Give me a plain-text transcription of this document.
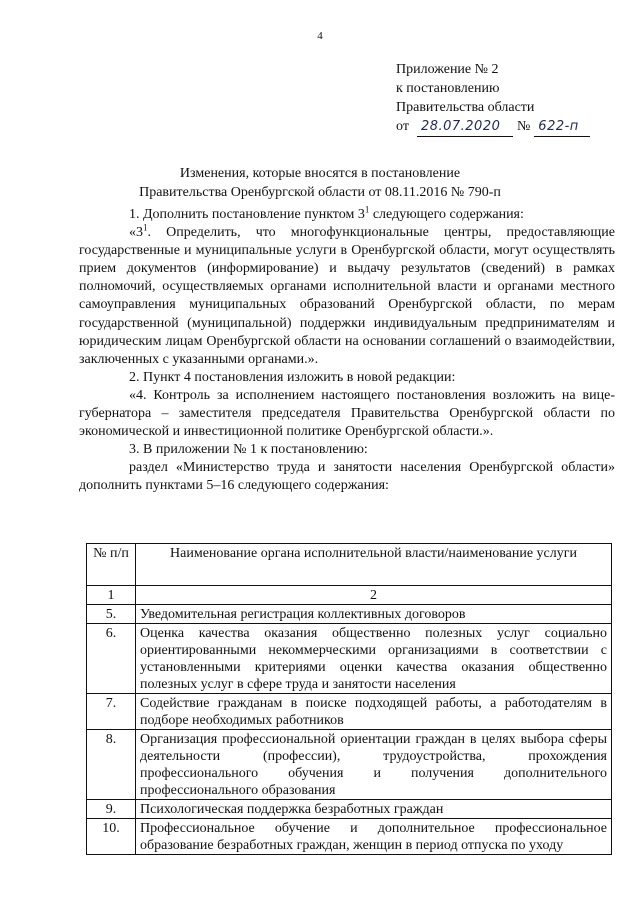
4
Приложение № 2
к постановлению
Правительства области
от 28.07.2020	№ 622-п
Изменения, которые вносятся в постановление
Правительства Оренбургской области от 08.11.2016 № 790-п

1. Дополнить постановление пунктом $3^1$ следующего содержания:

«$3^1$. Определить, что многофункциональные центры, предоставляющие государственные и муниципальные услуги в Оренбургской области, могут осуществлять прием документов (информирование) и выдачу результатов (сведений) в рамках полномочий, осуществляемых органами исполнительной власти и органами местного самоуправления муниципальных образований Оренбургской области, по мерам государственной (муниципальной) поддержки индивидуальным предпринимателям и юридическим лицам Оренбургской области на основании соглашений о взаимодействии, заключенных с указанными органами.».

2. Пункт 4 постановления изложить в новой редакции:

«4. Контроль за исполнением настоящего постановления возложить на вице-губернатора – заместителя председателя Правительства Оренбургской области по экономической и инвестиционной политике Оренбургской области.».

3. В приложении № 1 к постановлению:

раздел «Министерство труда и занятости населения Оренбургской области» дополнить пунктами 5–16 следующего содержания:

№ п/п	Наименование органа исполнительной власти/наименование услуги
1	2
5.	Уведомительная регистрация коллективных договоров
6.	Оценка качества оказания общественно полезных услуг социально ориентированными некоммерческими организациями в соответствии с установленными критериями оценки качества оказания общественно полезных услуг в сфере труда и занятости населения
7.	Содействие гражданам в поиске подходящей работы, а работодателям в подборе необходимых работников
8.	Организация профессиональной ориентации граждан в целях выбора сферы деятельности (профессии), трудоустройства, прохождения профессионального обучения и получения дополнительного профессионального образования
9.	Психологическая поддержка безработных граждан
10.	Профессиональное обучение и дополнительное профессиональное образование безработных граждан, женщин в период отпуска по уходу
